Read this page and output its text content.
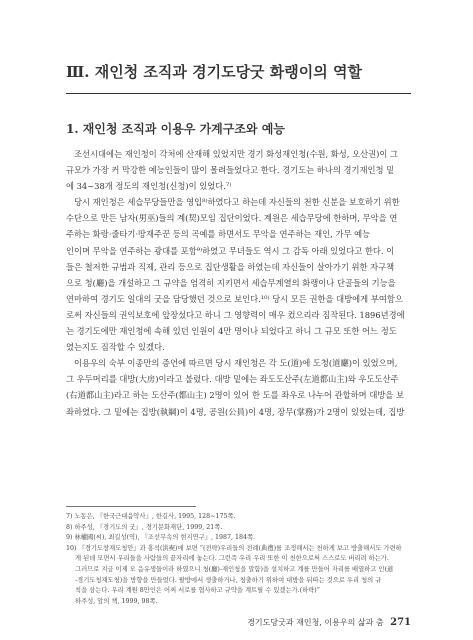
Ⅲ. 재인청 조직과 경기도당굿 화랭이의 역할
1. 재인청 조직과 이용우 가계구조와 예능

조선시대에는 재인청이 각처에 산재해 있었지만 경기 화성재인청(수원, 화성, 오산권)이 그

규모가 가장 커 막강한 예능인들이 많이 몰려들었다고 한다. 경기도는 하나의 경기재인청 밑

에 34~38개 정도의 재인청(신청)이 있었다.⁷⁾

당시 재인청은 세습무당들만을 영입⁸⁾하였다고 하는데 자신들의 천한 신분을 보호하기 위한

수단으로 만든 남자(男巫)들의 계(契)모임 집단이었다. 계원은 세습무당에 한하며, 무악을 연

주하는 화랑·줄타기·땅재주꾼 등의 곡예를 하면서도 무악을 연주하는 재인, 가무 예능

인이며 무악을 연주하는 광대를 포함⁹⁾하였고 무녀들도 역시 그 감독 아래 있었다고 한다. 이

들은 철저한 규범과 직제, 관리 등으로 집단생활을 하였는데 자신들이 살아가기 위한 자구책

으로 청(廳)을 개설하고 그 규약을 엄격히 지키면서 세습무계열의 화랭이나 단골들의 기능을

연마하여 경기도 일대의 굿을 담당했던 것으로 보인다.¹⁰⁾ 당시 모든 권한을 대방에게 부여함으

로써 자신들의 권익보호에 앞장섰다고 하니 그 영향력이 매우 컸으리라 짐작된다. 1896년경에

는 경기도에만 재인청에 속해 있던 인원이 4만 명이나 되었다고 하니 그 규모 또한 어느 정도

였는지도 짐작할 수 있겠다.

이용우의 숙부 이종만의 증언에 따르면 당시 재인청은 각 도(道)에 도청(道廳)이 있었으며,

그 우두머리를 대방(大房)이라고 불렀다. 대방 밑에는 좌도도산주(左道都山主)와 우도도산주

(右道都山主)라고 하는 도산주(都山主) 2명이 있어 한 도를 좌우로 나누어 관할하며 대방을 보

좌하였다. 그 밑에는 집방(執綱)이 4명, 공원(公員)이 4명, 장무(掌務)가 2명이 있었는데, 집방

7) 노동은, 『한국근대음악사』, 한길사, 1995, 128~175쪽.
8) 하주성, 『경기도의 굿』, 경기문화재단, 1999, 21쪽.
9) 林權國(씨), 최길성(역), 『조선무속의 현지연구』, 1987, 184쪽.
10) 『경기도창재도청안』과 홍석(洪奭)에 보면 “(전략)우리들의 전례(典禮)를 조정해서는 천하게 보고 방출해서도 가련하
게 된데 모면서 우리들을 사람들의 끝자리에 놓는다. 그런즉 우리 우리 또한 이 천한으로써 스스로도 버리려 하는가.
그러므로 지금 이제 모 음유생들이라 하였으니 청(廳)-재인청을 말함)을 설치하고 계를 만들어 자리를 배열하고 인(道
-경기도청재도청)을 방향을 만들었다. 팔방에서 생출하거나, 청출하기 위하여 대방을 뒤따는 것으로 우리 청의 규
칙을 삼는다. 우리 계원 8만인은 어찌 서로를 협사하고 규약을 계트릴 수 있겠는가.(하략)”
하주성, 앞의 책, 1999, 98쪽.
경기도당굿과 재인청, 이용우의 삶과 춤 271
